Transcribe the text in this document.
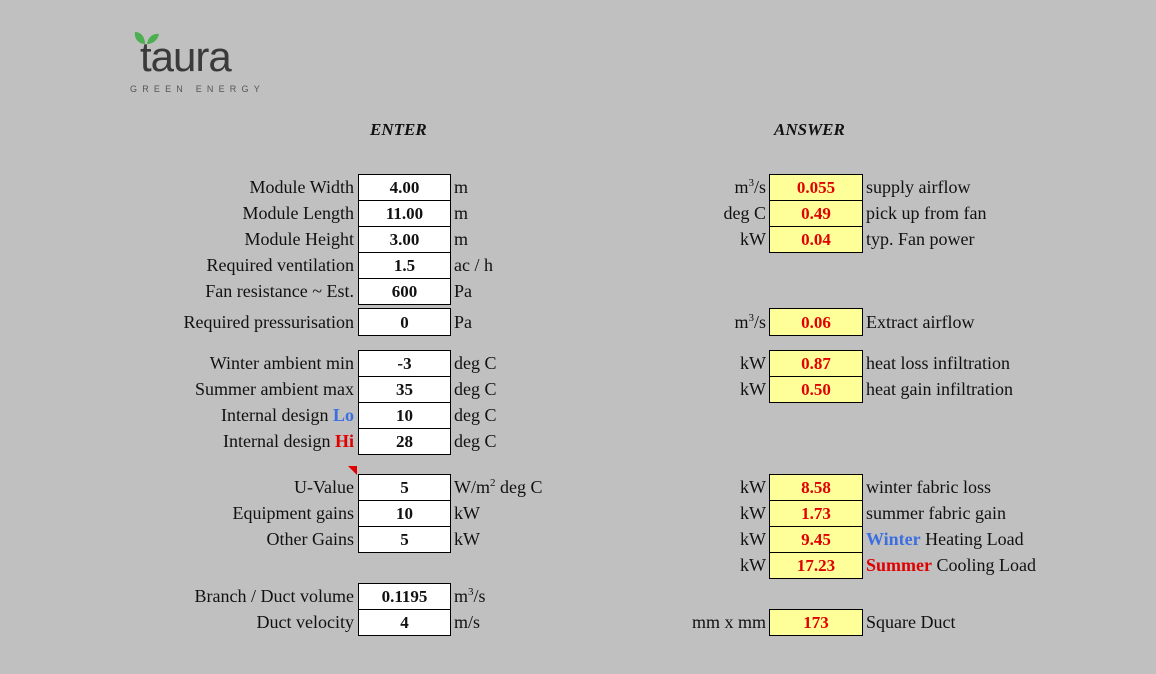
taura
GREEN ENERGY
ENTER	ANSWER
Module Width	4.00	m
Module Length	11.00	m
Module Height	3.00	m
Required ventilation	1.5	ac / h
Fan resistance ~ Est.	600	Pa
Required pressurisation	0	Pa
Winter ambient min	-3	deg C
Summer ambient max	35	deg C
Internal design Lo	10	deg C
Internal design Hi	28	deg C
U-Value	5	$W/m^2$ deg C
Equipment gains	10	kW
Other Gains	5	kW
Branch / Duct volume	0.1195	$m^3/s$
Duct velocity	4	m/s
$m^3/s$	0.055	supply airflow
deg C	0.49	pick up from fan
kW	0.04	typ. Fan power
$m^3/s$	0.06	Extract airflow
kW	0.87	heat loss infiltration
kW	0.50	heat gain infiltration
kW	8.58	winter fabric loss
kW	1.73	summer fabric gain
kW	9.45	Winter Heating Load
kW	17.23	Summer Cooling Load
mm x mm	173	Square Duct
